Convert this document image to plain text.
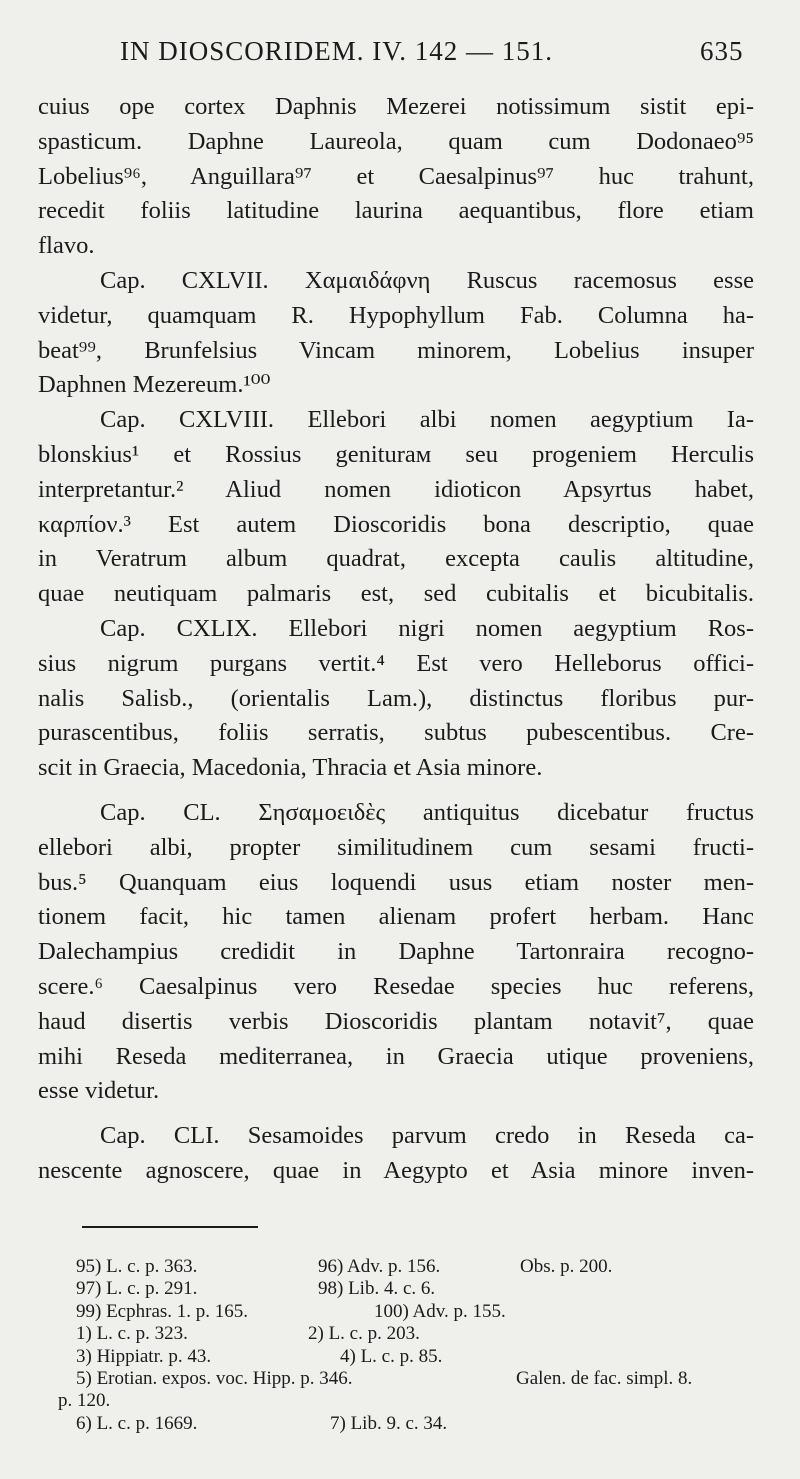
IN DIOSCORIDEM. IV. 142 — 151.	635
cuius ope cortex Daphnis Mezerei notissimum sistit epi-
spasticum. Daphne Laureola, quam cum Dodonaeo⁹⁵
Lobelius⁹⁶, Anguillara⁹⁷ et Caesalpinus⁹⁷ huc trahunt,
recedit foliis latitudine laurina aequantibus, flore etiam
flavo.
Cap. CXLVII. Χαμαιδάφνη Ruscus racemosus esse
videtur, quamquam R. Hypophyllum Fab. Columna ha-
beat⁹⁹, Brunfelsius Vincam minorem, Lobelius insuper
Daphnen Mezereum.¹⁰⁰
Cap. CXLVIII. Ellebori albi nomen aegyptium Ia-
blonskius¹ et Rossius geniturам seu progeniem Herculis
interpretantur.² Aliud nomen idioticon Apsyrtus habet,
καρπίον.³ Est autem Dioscoridis bona descriptio, quae
in Veratrum album quadrat, excepta caulis altitudine,
quae neutiquam palmaris est, sed cubitalis et bicubitalis.
Cap. CXLIX. Ellebori nigri nomen aegyptium Ros-
sius nigrum purgans vertit.⁴ Est vero Helleborus offici-
nalis Salisb., (orientalis Lam.), distinctus floribus pur-
purascentibus, foliis serratis, subtus pubescentibus. Cre-
scit in Graecia, Macedonia, Thracia et Asia minore.
Cap. CL. Σησαμοειδὲς antiquitus dicebatur fructus
ellebori albi, propter similitudinem cum sesami fructi-
bus.⁵ Quanquam eius loquendi usus etiam noster men-
tionem facit, hic tamen alienam profert herbam. Hanc
Dalechampius credidit in Daphne Tartonraira recogno-
scere.⁶ Caesalpinus vero Resedae species huc referens,
haud disertis verbis Dioscoridis plantam notavit⁷, quae
mihi Reseda mediterranea, in Graecia utique proveniens,
esse videtur.
Cap. CLI. Sesamoides parvum credo in Reseda ca-
nescente agnoscere, quae in Aegypto et Asia minore inven-
95) L. c. p. 363.	96) Adv. p. 156.	Obs. p. 200.
97) L. c. p. 291.	98) Lib. 4. c. 6.
99) Ecphras. 1. p. 165.	100) Adv. p. 155.
1) L. c. p. 323.	2) L. c. p. 203.
3) Hippiatr. p. 43.	4) L. c. p. 85.
5) Erotian. expos. voc. Hipp. p. 346.	Galen. de fac. simpl. 8.
p. 120.
6) L. c. p. 1669.	7) Lib. 9. c. 34.
